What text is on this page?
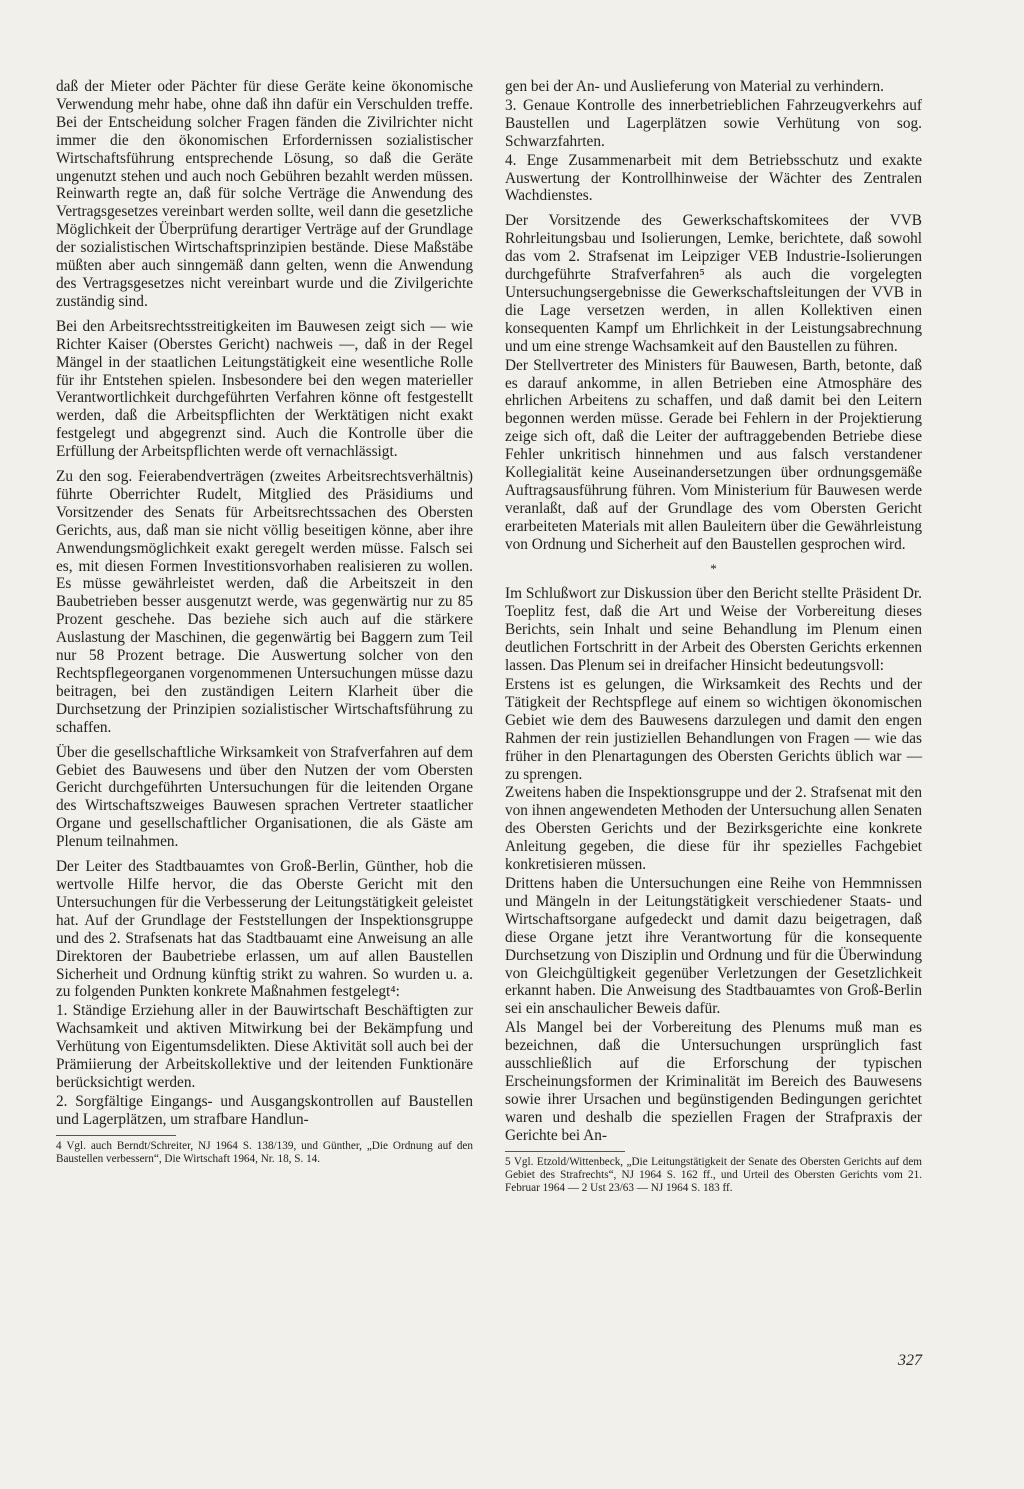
daß der Mieter oder Pächter für diese Geräte keine ökonomische Verwendung mehr habe, ohne daß ihn dafür ein Verschulden treffe. Bei der Entscheidung solcher Fragen fänden die Zivilrichter nicht immer die den ökonomischen Erfordernissen sozialistischer Wirtschaftsführung entsprechende Lösung, so daß die Geräte ungenutzt stehen und auch noch Gebühren bezahlt werden müssen. Reinwarth regte an, daß für solche Verträge die Anwendung des Vertragsgesetzes vereinbart werden sollte, weil dann die gesetzliche Möglichkeit der Überprüfung derartiger Verträge auf der Grundlage der sozialistischen Wirtschaftsprinzipien bestände. Diese Maßstäbe müßten aber auch sinngemäß dann gelten, wenn die Anwendung des Vertragsgesetzes nicht vereinbart wurde und die Zivilgerichte zuständig sind.

Bei den Arbeitsrechtsstreitigkeiten im Bauwesen zeigt sich — wie Richter Kaiser (Oberstes Gericht) nachweis —, daß in der Regel Mängel in der staatlichen Leitungstätigkeit eine wesentliche Rolle für ihr Entstehen spielen. Insbesondere bei den wegen materieller Verantwortlichkeit durchgeführten Verfahren könne oft festgestellt werden, daß die Arbeitspflichten der Werktätigen nicht exakt festgelegt und abgegrenzt sind. Auch die Kontrolle über die Erfüllung der Arbeitspflichten werde oft vernachlässigt.

Zu den sog. Feierabendverträgen (zweites Arbeitsrechtsverhältnis) führte Oberrichter Rudelt, Mitglied des Präsidiums und Vorsitzender des Senats für Arbeitsrechtssachen des Obersten Gerichts, aus, daß man sie nicht völlig beseitigen könne, aber ihre Anwendungsmöglichkeit exakt geregelt werden müsse. Falsch sei es, mit diesen Formen Investitionsvorhaben realisieren zu wollen. Es müsse gewährleistet werden, daß die Arbeitszeit in den Baubetrieben besser ausgenutzt werde, was gegenwärtig nur zu 85 Prozent geschehe. Das beziehe sich auch auf die stärkere Auslastung der Maschinen, die gegenwärtig bei Baggern zum Teil nur 58 Prozent betrage. Die Auswertung solcher von den Rechtspflegeorganen vorgenommenen Untersuchungen müsse dazu beitragen, bei den zuständigen Leitern Klarheit über die Durchsetzung der Prinzipien sozialistischer Wirtschaftsführung zu schaffen.

Über die gesellschaftliche Wirksamkeit von Strafverfahren auf dem Gebiet des Bauwesens und über den Nutzen der vom Obersten Gericht durchgeführten Untersuchungen für die leitenden Organe des Wirtschaftszweiges Bauwesen sprachen Vertreter staatlicher Organe und gesellschaftlicher Organisationen, die als Gäste am Plenum teilnahmen.

Der Leiter des Stadtbauamtes von Groß-Berlin, Günther, hob die wertvolle Hilfe hervor, die das Oberste Gericht mit den Untersuchungen für die Verbesserung der Leitungstätigkeit geleistet hat. Auf der Grundlage der Feststellungen der Inspektionsgruppe und des 2. Strafsenats hat das Stadtbauamt eine Anweisung an alle Direktoren der Baubetriebe erlassen, um auf allen Baustellen Sicherheit und Ordnung künftig strikt zu wahren. So wurden u. a. zu folgenden Punkten konkrete Maßnahmen festgelegt⁴:

1. Ständige Erziehung aller in der Bauwirtschaft Beschäftigten zur Wachsamkeit und aktiven Mitwirkung bei der Bekämpfung und Verhütung von Eigentumsdelikten. Diese Aktivität soll auch bei der Prämiierung der Arbeitskollektive und der leitenden Funktionäre berücksichtigt werden.

2. Sorgfältige Eingangs- und Ausgangskontrollen auf Baustellen und Lagerplätzen, um strafbare Handlun-

4 Vgl. auch Berndt/Schreiter, NJ 1964 S. 138/139, und Günther, „Die Ordnung auf den Baustellen verbessern“, Die Wirtschaft 1964, Nr. 18, S. 14.

gen bei der An- und Auslieferung von Material zu verhindern.

3. Genaue Kontrolle des innerbetrieblichen Fahrzeugverkehrs auf Baustellen und Lagerplätzen sowie Verhütung von sog. Schwarzfahrten.

4. Enge Zusammenarbeit mit dem Betriebsschutz und exakte Auswertung der Kontrollhinweise der Wächter des Zentralen Wachdienstes.

Der Vorsitzende des Gewerkschaftskomitees der VVB Rohrleitungsbau und Isolierungen, Lemke, berichtete, daß sowohl das vom 2. Strafsenat im Leipziger VEB Industrie-Isolierungen durchgeführte Strafverfahren⁵ als auch die vorgelegten Untersuchungsergebnisse die Gewerkschaftsleitungen der VVB in die Lage versetzen werden, in allen Kollektiven einen konsequenten Kampf um Ehrlichkeit in der Leistungsabrechnung und um eine strenge Wachsamkeit auf den Baustellen zu führen.

Der Stellvertreter des Ministers für Bauwesen, Barth, betonte, daß es darauf ankomme, in allen Betrieben eine Atmosphäre des ehrlichen Arbeitens zu schaffen, und daß damit bei den Leitern begonnen werden müsse. Gerade bei Fehlern in der Projektierung zeige sich oft, daß die Leiter der auftraggebenden Betriebe diese Fehler unkritisch hinnehmen und aus falsch verstandener Kollegialität keine Auseinandersetzungen über ordnungsgemäße Auftragsausführung führen. Vom Ministerium für Bauwesen werde veranlaßt, daß auf der Grundlage des vom Obersten Gericht erarbeiteten Materials mit allen Bauleitern über die Gewährleistung von Ordnung und Sicherheit auf den Baustellen gesprochen wird.

*

Im Schlußwort zur Diskussion über den Bericht stellte Präsident Dr. Toeplitz fest, daß die Art und Weise der Vorbereitung dieses Berichts, sein Inhalt und seine Behandlung im Plenum einen deutlichen Fortschritt in der Arbeit des Obersten Gerichts erkennen lassen. Das Plenum sei in dreifacher Hinsicht bedeutungsvoll:

Erstens ist es gelungen, die Wirksamkeit des Rechts und der Tätigkeit der Rechtspflege auf einem so wichtigen ökonomischen Gebiet wie dem des Bauwesens darzulegen und damit den engen Rahmen der rein justiziellen Behandlungen von Fragen — wie das früher in den Plenartagungen des Obersten Gerichts üblich war — zu sprengen.

Zweitens haben die Inspektionsgruppe und der 2. Strafsenat mit den von ihnen angewendeten Methoden der Untersuchung allen Senaten des Obersten Gerichts und der Bezirksgerichte eine konkrete Anleitung gegeben, die diese für ihr spezielles Fachgebiet konkretisieren müssen.

Drittens haben die Untersuchungen eine Reihe von Hemmnissen und Mängeln in der Leitungstätigkeit verschiedener Staats- und Wirtschaftsorgane aufgedeckt und damit dazu beigetragen, daß diese Organe jetzt ihre Verantwortung für die konsequente Durchsetzung von Disziplin und Ordnung und für die Überwindung von Gleichgültigkeit gegenüber Verletzungen der Gesetzlichkeit erkannt haben. Die Anweisung des Stadtbauamtes von Groß-Berlin sei ein anschaulicher Beweis dafür.

Als Mangel bei der Vorbereitung des Plenums muß man es bezeichnen, daß die Untersuchungen ursprünglich fast ausschließlich auf die Erforschung der typischen Erscheinungsformen der Kriminalität im Bereich des Bauwesens sowie ihrer Ursachen und begünstigenden Bedingungen gerichtet waren und deshalb die speziellen Fragen der Strafpraxis der Gerichte bei An-

5 Vgl. Etzold/Wittenbeck, „Die Leitungstätigkeit der Senate des Obersten Gerichts auf dem Gebiet des Strafrechts“, NJ 1964 S. 162 ff., und Urteil des Obersten Gerichts vom 21. Februar 1964 — 2 Ust 23/63 — NJ 1964 S. 183 ff.

327
